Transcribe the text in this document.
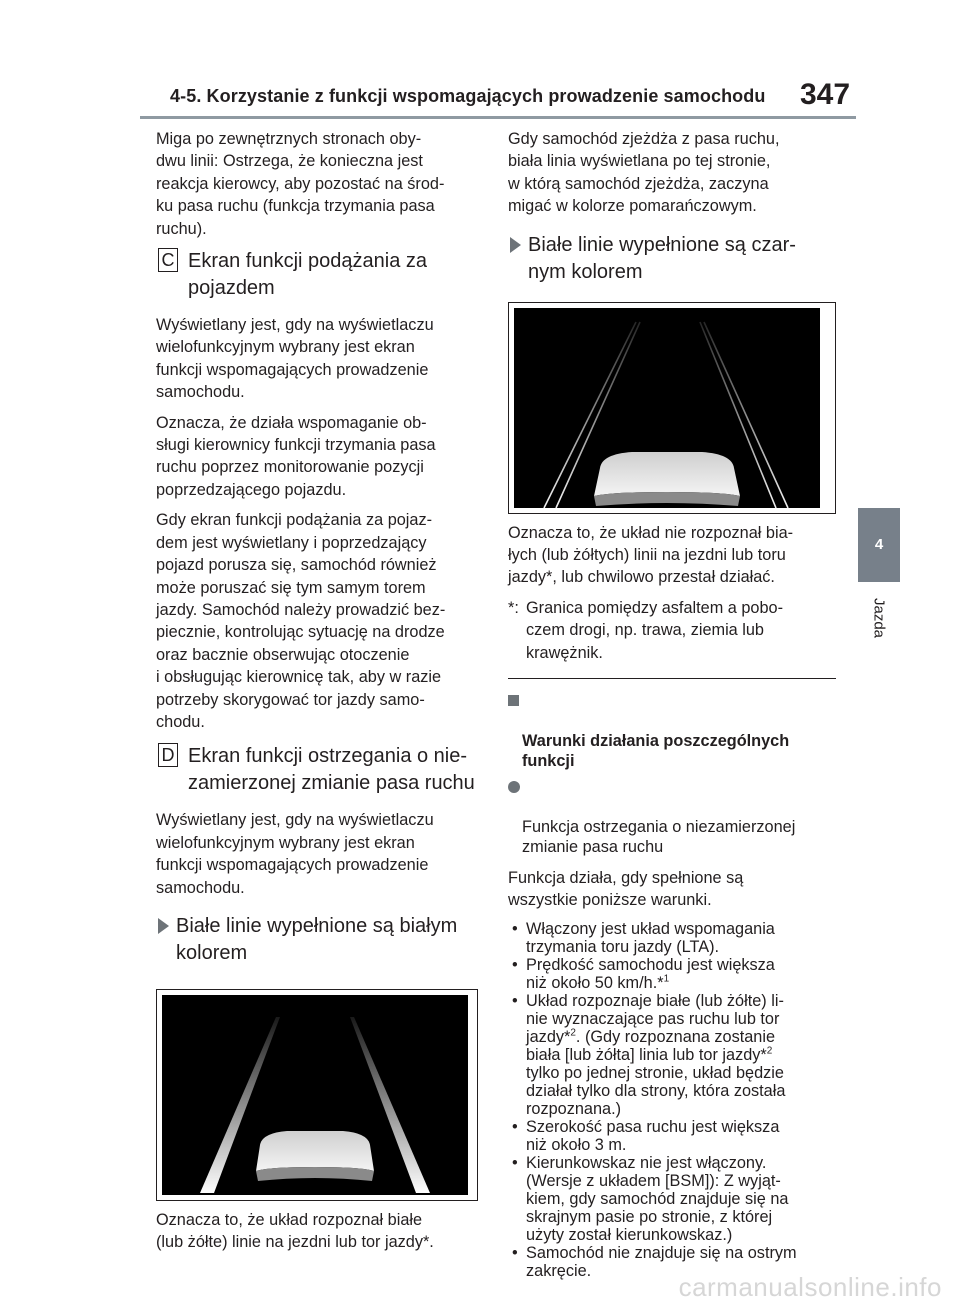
4-5. Korzystanie z funkcji wspomagających prowadzenie samochodu 347

Miga po zewnętrznych stronach oby-
dwu linii: Ostrzega, że konieczna jest
reakcja kierowcy, aby pozostać na środ-
ku pasa ruchu (funkcja trzymania pasa
ruchu).

C Ekran funkcji podążania za
pojazdem

Wyświetlany jest, gdy na wyświetlaczu
wielofunkcyjnym wybrany jest ekran
funkcji wspomagających prowadzenie
samochodu.

Oznacza, że działa wspomaganie ob-
sługi kierownicy funkcji trzymania pasa
ruchu poprzez monitorowanie pozycji
poprzedzającego pojazdu.

Gdy ekran funkcji podążania za pojaz-
dem jest wyświetlany i poprzedzający
pojazd porusza się, samochód również
może poruszać się tym samym torem
jazdy. Samochód należy prowadzić bez-
piecznie, kontrolując sytuację na drodze
oraz bacznie obserwując otoczenie
i obsługując kierownicę tak, aby w razie
potrzeby skorygować tor jazdy samo-
chodu.

D Ekran funkcji ostrzegania o nie-
zamierzonej zmianie pasa ruchu

Wyświetlany jest, gdy na wyświetlaczu
wielofunkcyjnym wybrany jest ekran
funkcji wspomagających prowadzenie
samochodu.

Białe linie wypełnione są białym
kolorem

Oznacza to, że układ rozpoznał białe
(lub żółte) linie na jezdni lub tor jazdy*.

Gdy samochód zjeżdża z pasa ruchu,
biała linia wyświetlana po tej stronie,
w którą samochód zjeżdża, zaczyna
migać w kolorze pomarańczowym.

Białe linie wypełnione są czar-
nym kolorem

Oznacza to, że układ nie rozpoznał bia-
łych (lub żółtych) linii na jezdni lub toru
jazdy*, lub chwilowo przestał działać.

*: Granica pomiędzy asfaltem a pobo-
czem drogi, np. trawa, ziemia lub
krawężnik.

Warunki działania poszczególnych
funkcji

Funkcja ostrzegania o niezamierzonej
zmianie pasa ruchu

Funkcja działa, gdy spełnione są
wszystkie poniższe warunki.

• Włączony jest układ wspomagania
trzymania toru jazdy (LTA).
• Prędkość samochodu jest większa
niż około 50 km/h.*$^1$
• Układ rozpoznaje białe (lub żółte) li-
nie wyznaczające pas ruchu lub tor
jazdy*$^2$. (Gdy rozpoznana zostanie
biała [lub żółta] linia lub tor jazdy*$^2$
tylko po jednej stronie, układ będzie
działał tylko dla strony, która została
rozpoznana.)
• Szerokość pasa ruchu jest większa
niż około 3 m.
• Kierunkowskaz nie jest włączony.
(Wersje z układem [BSM]): Z wyjąt-
kiem, gdy samochód znajduje się na
skrajnym pasie po stronie, z której
użyty został kierunkowskaz.)
• Samochód nie znajduje się na ostrym
zakręcie.
4
Jazda
carmanualsonline.info
